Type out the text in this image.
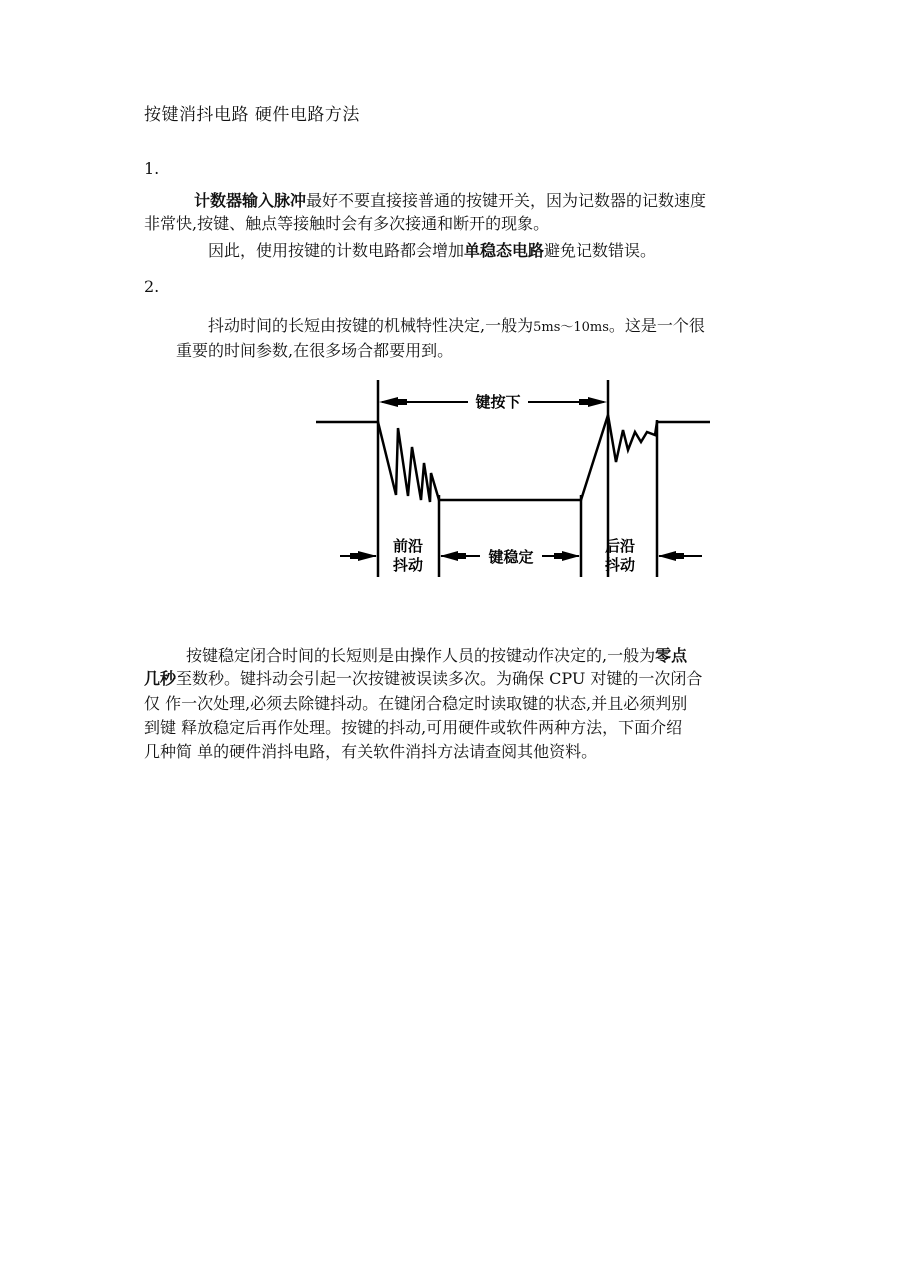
按键消抖电路 硬件电路方法
1.
计数器输入脉冲最好不要直接接普通的按键开关，因为记数器的记数速度
非常快,按键、触点等接触时会有多次接通和断开的现象。
因此，使用按键的计数电路都会增加单稳态电路避免记数错误。
2.
抖动时间的长短由按键的机械特性决定,一般为5ms～10ms。这是一个很
重要的时间参数,在很多场合都要用到。
键按下
前沿
抖动	键稳定
后沿
抖动
按键稳定闭合时间的长短则是由操作人员的按键动作决定的,一般为零点
几秒至数秒。键抖动会引起一次按键被误读多次。为确保 CPU 对键的一次闭合
仅 作一次处理,必须去除键抖动。在键闭合稳定时读取键的状态,并且必须判别
到键 释放稳定后再作处理。按键的抖动,可用硬件或软件两种方法，下面介绍
几种简 单的硬件消抖电路，有关软件消抖方法请查阅其他资料。
